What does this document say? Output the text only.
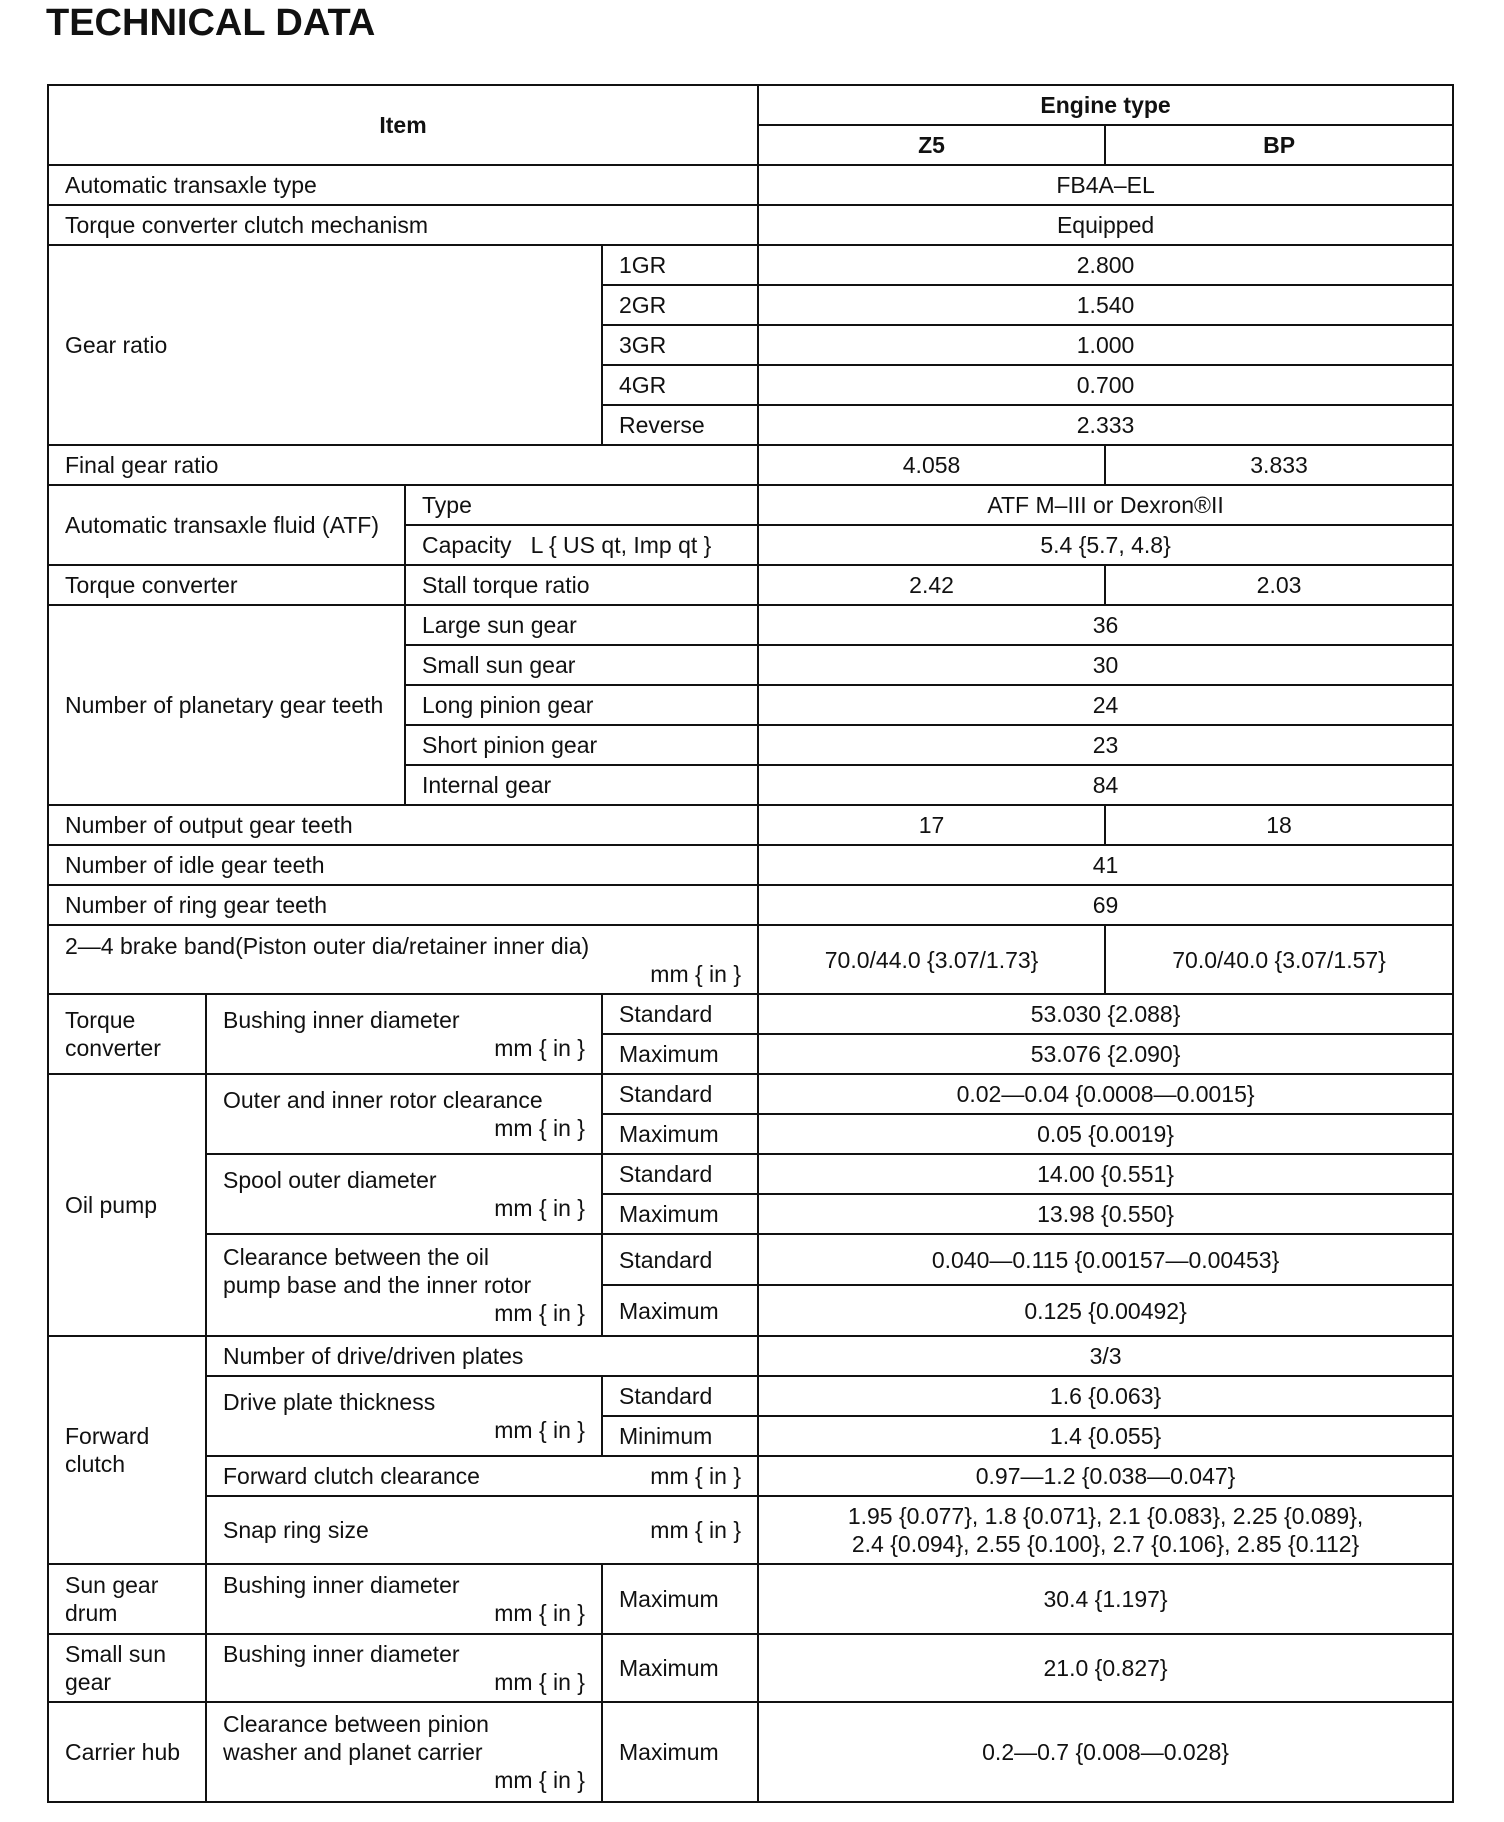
TECHNICAL DATA
Item				Engine type	
				Z5	BP
Automatic transaxle type				FB4A–EL	
Torque converter clutch mechanism				Equipped	
Gear ratio			1GR	2.800	
			2GR	1.540	
			3GR	1.000	
			4GR	0.700	
			Reverse	2.333	
Final gear ratio				4.058	3.833
Automatic transaxle fluid (ATF)		Type		ATF M–III or Dexron®II	
		Capacity L { US qt, Imp qt }		5.4 {5.7, 4.8}	
Torque converter		Stall torque ratio		2.42	2.03
Number of planetary gear teeth		Large sun gear		36	
		Small sun gear		30	
		Long pinion gear		24	
		Short pinion gear		23	
		Internal gear		84	
Number of output gear teeth				17	18
Number of idle gear teeth				41	
Number of ring gear teeth				69	

2—4 brake band(Piston outer dia/retainer inner dia)
mm { in }				70.0/44.0 {3.07/1.73}	70.0/40.0 {3.07/1.57}
Torque converter	Bushing inner diameter
mm { in }		Standard	53.030 {2.088}	
			Maximum	53.076 {2.090}	
Oil pump	Outer and inner rotor clearance
mm { in }		Standard	0.02—0.04 {0.0008—0.0015}	
			Maximum	0.05 {0.0019}	

	Spool outer diameter
mm { in }		Standard	14.00 {0.551}	
			Maximum	13.98 {0.550}	

	Clearance between the oil
pump base and the inner rotor
mm { in }		Standard	0.040—0.115 {0.00157—0.00453}	
			Maximum	0.125 {0.00492}	
Forward clutch	Number of drive/driven plates			3/3	

	Drive plate thickness
mm { in }		Standard	1.6 {0.063}	
			Minimum	1.4 {0.055}	
	Forward clutch clearance mm { in }			0.97—1.2 {0.038—0.047}	
	Snap ring size mm { in }			1.95 {0.077}, 1.8 {0.071}, 2.1 {0.083}, 2.25 {0.089},
2.4 {0.094}, 2.55 {0.100}, 2.7 {0.106}, 2.85 {0.112}	

Sun gear drum	Bushing inner diameter
mm { in }		Maximum	30.4 {1.197}	
Small sun gear	Bushing inner diameter
mm { in }		Maximum	21.0 {0.827}	
Carrier hub	Clearance between pinion
washer and planet carrier
mm { in }		Maximum	0.2—0.7 {0.008—0.028}	
